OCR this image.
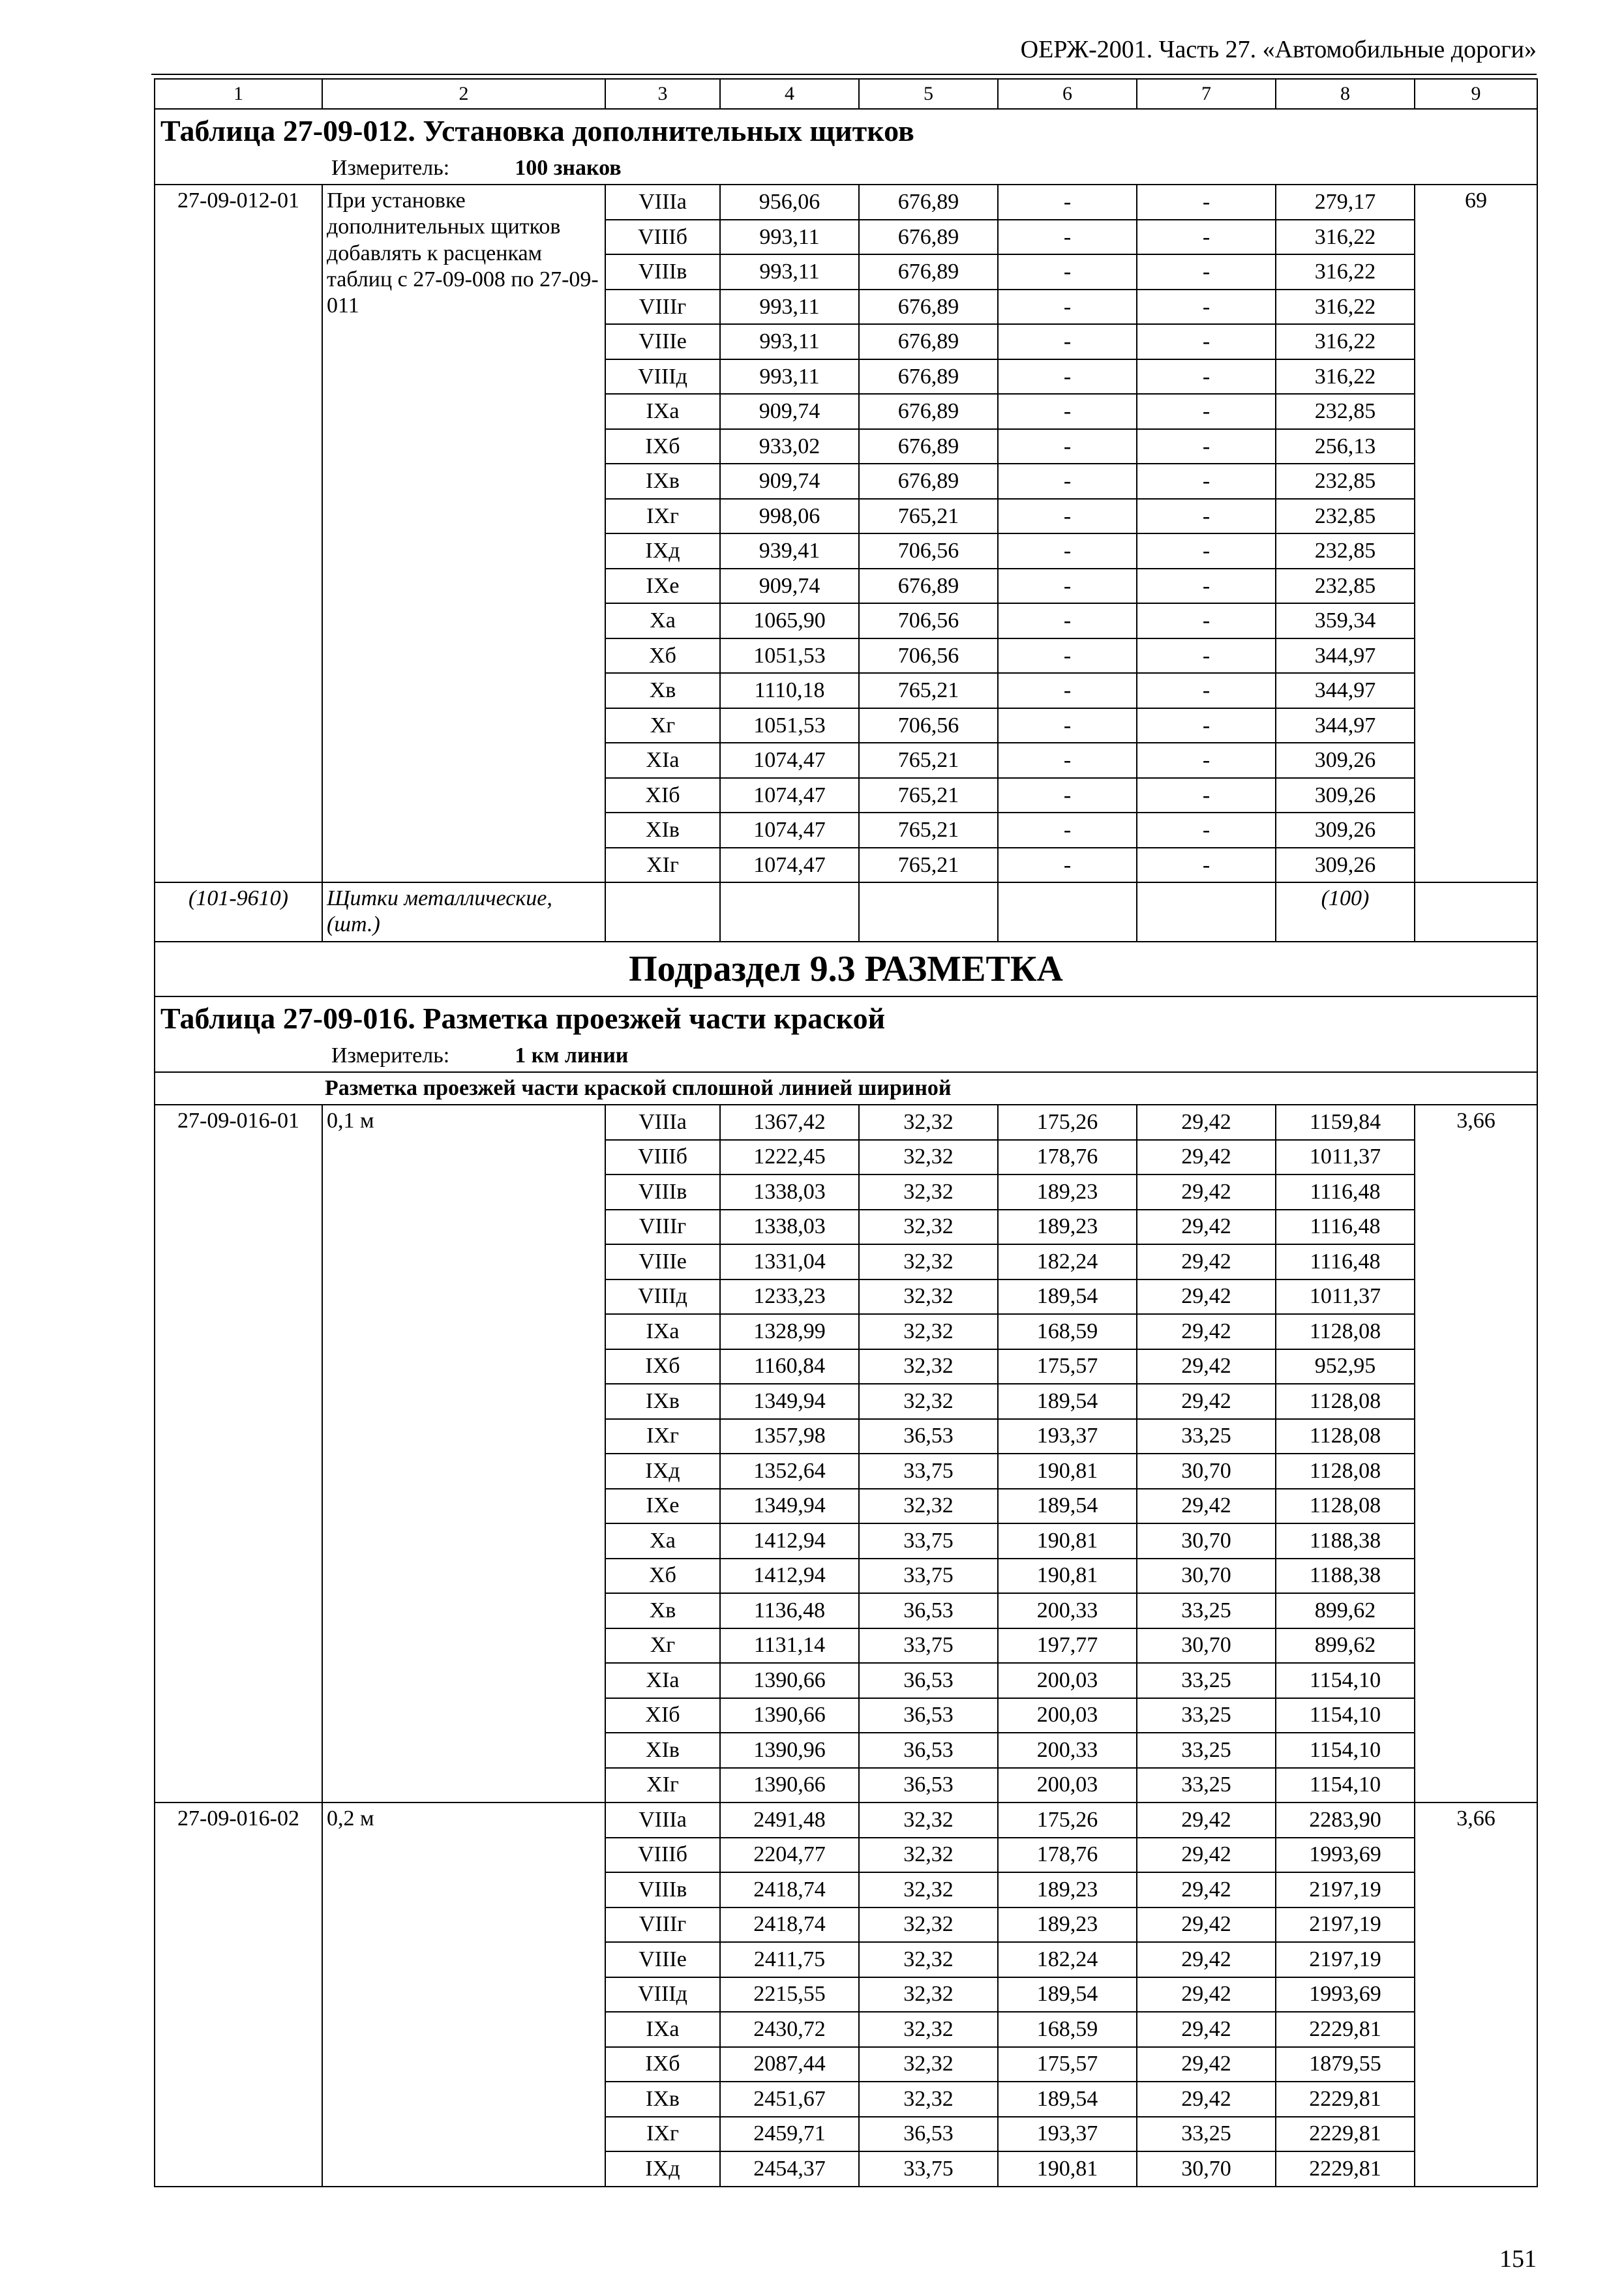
ОЕРЖ-2001. Часть 27. «Автомобильные дороги»
1	2	3	4	5	6	7	8	9
Таблица 27-09-012. Установка дополнительных щитков								
Измеритель: 100 знаков								
27-09-012-01	При установке дополнительных щитков добавлять к расценкам таблиц с 27-09-008 по 27-09-011	VIIIа	956,06	676,89	-	-	279,17	69
		VIIIб	993,11	676,89	-	-	316,22	
		VIIIв	993,11	676,89	-	-	316,22	
		VIIIг	993,11	676,89	-	-	316,22	
		VIIIе	993,11	676,89	-	-	316,22	
		VIIIд	993,11	676,89	-	-	316,22	
		IXа	909,74	676,89	-	-	232,85	
		IXб	933,02	676,89	-	-	256,13	
		IXв	909,74	676,89	-	-	232,85	
		IXг	998,06	765,21	-	-	232,85	
		IXд	939,41	706,56	-	-	232,85	
		IXе	909,74	676,89	-	-	232,85	
		Xа	1065,90	706,56	-	-	359,34	
		Xб	1051,53	706,56	-	-	344,97	
		Xв	1110,18	765,21	-	-	344,97	
		Xг	1051,53	706,56	-	-	344,97	
		XIа	1074,47	765,21	-	-	309,26	
		XIб	1074,47	765,21	-	-	309,26	
		XIв	1074,47	765,21	-	-	309,26	
		XIг	1074,47	765,21	-	-	309,26	
(101-9610)	Щитки металлические, (шт.)						(100)	
Подраздел 9.3 РАЗМЕТКА								
Таблица 27-09-016. Разметка проезжей части краской								
Измеритель: 1 км линии								
Разметка проезжей части краской сплошной линией шириной								
27-09-016-01	0,1 м	VIIIа	1367,42	32,32	175,26	29,42	1159,84	3,66
		VIIIб	1222,45	32,32	178,76	29,42	1011,37	
		VIIIв	1338,03	32,32	189,23	29,42	1116,48	
		VIIIг	1338,03	32,32	189,23	29,42	1116,48	
		VIIIе	1331,04	32,32	182,24	29,42	1116,48	
		VIIIд	1233,23	32,32	189,54	29,42	1011,37	
		IXа	1328,99	32,32	168,59	29,42	1128,08	
		IXб	1160,84	32,32	175,57	29,42	952,95	
		IXв	1349,94	32,32	189,54	29,42	1128,08	
		IXг	1357,98	36,53	193,37	33,25	1128,08	
		IXд	1352,64	33,75	190,81	30,70	1128,08	
		IXе	1349,94	32,32	189,54	29,42	1128,08	
		Xа	1412,94	33,75	190,81	30,70	1188,38	
		Xб	1412,94	33,75	190,81	30,70	1188,38	
		Xв	1136,48	36,53	200,33	33,25	899,62	
		Xг	1131,14	33,75	197,77	30,70	899,62	
		XIа	1390,66	36,53	200,03	33,25	1154,10	
		XIб	1390,66	36,53	200,03	33,25	1154,10	
		XIв	1390,96	36,53	200,33	33,25	1154,10	
		XIг	1390,66	36,53	200,03	33,25	1154,10	
27-09-016-02	0,2 м	VIIIа	2491,48	32,32	175,26	29,42	2283,90	3,66
		VIIIб	2204,77	32,32	178,76	29,42	1993,69	
		VIIIв	2418,74	32,32	189,23	29,42	2197,19	
		VIIIг	2418,74	32,32	189,23	29,42	2197,19	
		VIIIе	2411,75	32,32	182,24	29,42	2197,19	
		VIIIд	2215,55	32,32	189,54	29,42	1993,69	
		IXа	2430,72	32,32	168,59	29,42	2229,81	
		IXб	2087,44	32,32	175,57	29,42	1879,55	
		IXв	2451,67	32,32	189,54	29,42	2229,81	
		IXг	2459,71	36,53	193,37	33,25	2229,81	
		IXд	2454,37	33,75	190,81	30,70	2229,81	
151
